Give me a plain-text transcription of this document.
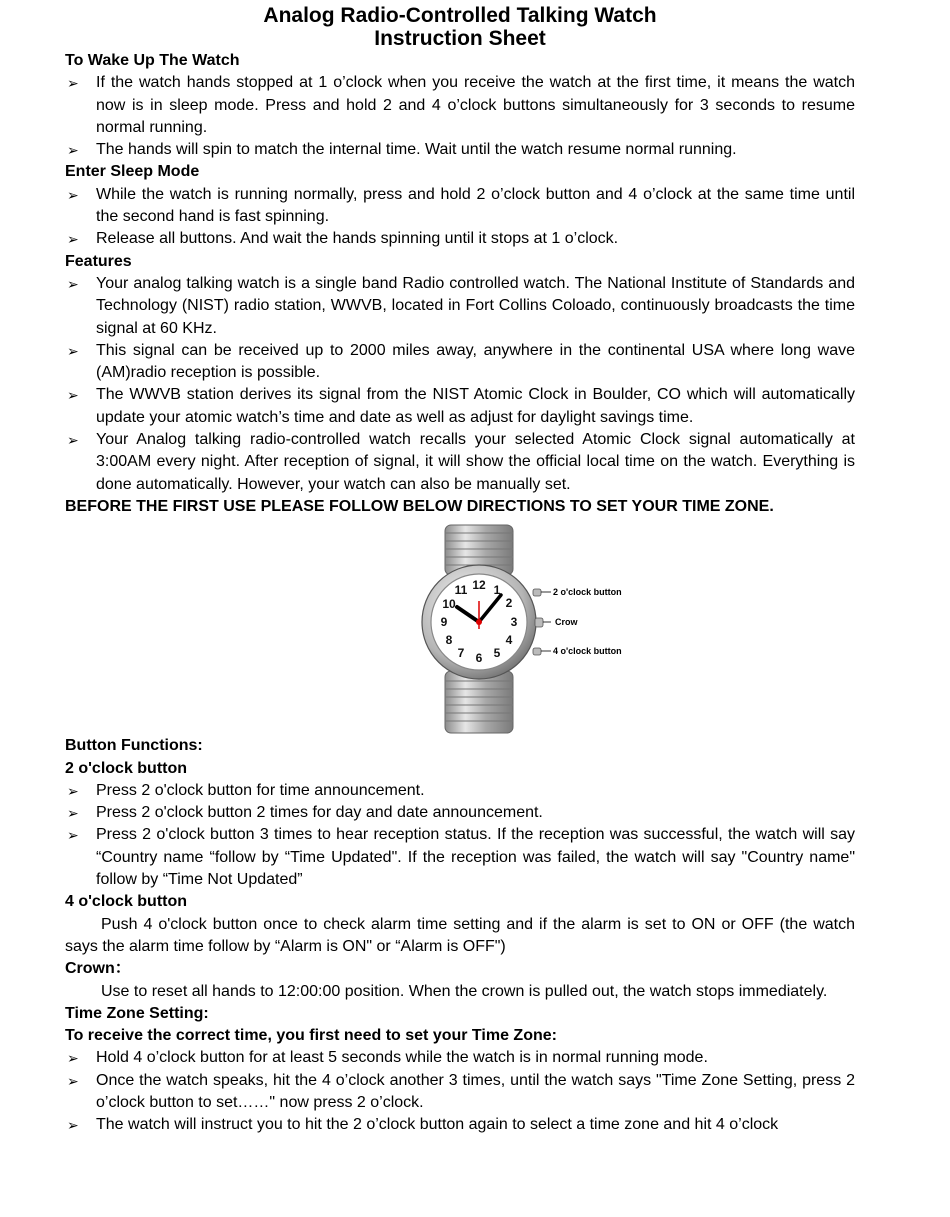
Analog Radio-Controlled Talking Watch

Instruction Sheet

To Wake Up The Watch

➢ If the watch hands stopped at 1 o’clock when you receive the watch at the first time, it means the watch now is in sleep mode. Press and hold 2 and 4 o’clock buttons simultaneously for 3 seconds to resume normal running.
➢ The hands will spin to match the internal time. Wait until the watch resume normal running.

Enter Sleep Mode

➢ While the watch is running normally, press and hold 2 o’clock button and 4 o’clock at the same time until the second hand is fast spinning.
➢ Release all buttons. And wait the hands spinning until it stops at 1 o’clock.

Features

➢ Your analog talking watch is a single band Radio controlled watch. The National Institute of Standards and Technology (NIST) radio station, WWVB, located in Fort Collins Coloado, continuously broadcasts the time signal at 60 KHz.
➢ This signal can be received up to 2000 miles away, anywhere in the continental USA where long wave (AM)radio reception is possible.
➢ The WWVB station derives its signal from the NIST Atomic Clock in Boulder, CO which will automatically update your atomic watch’s time and date as well as adjust for daylight savings time.
➢ Your Analog talking radio-controlled watch recalls your selected Atomic Clock signal automatically at 3:00AM every night. After reception of signal, it will show the official local time on the watch. Everything is done automatically. However, your watch can also be manually set.

BEFORE THE FIRST USE PLEASE FOLLOW BELOW DIRECTIONS TO SET YOUR TIME ZONE.

12 1
2
3
4
5
6
7
8
9
10
11	2 o'clock button
Crow
4 o'clock button

Button Functions:

2 o'clock button

➢ Press 2 o'clock button for time announcement.
➢ Press 2 o'clock button 2 times for day and date announcement.
➢ Press 2 o'clock button 3 times to hear reception status. If the reception was successful, the watch will say “Country name “follow by “Time Updated". If the reception was failed, the watch will say "Country name" follow by “Time Not Updated”

4 o'clock button

Push 4 o'clock button once to check alarm time setting and if the alarm is set to ON or OFF (the watch says the alarm time follow by “Alarm is ON" or “Alarm is OFF")

Crown：

Use to reset all hands to 12:00:00 position. When the crown is pulled out, the watch stops immediately.

Time Zone Setting:

To receive the correct time, you first need to set your Time Zone:

➢ Hold 4 o’clock button for at least 5 seconds while the watch is in normal running mode.
➢ Once the watch speaks, hit the 4 o’clock another 3 times, until the watch says "Time Zone Setting, press 2 o’clock button to set……" now press 2 o’clock.
➢ The watch will instruct you to hit the 2 o’clock button again to select a time zone and hit 4 o’clock
